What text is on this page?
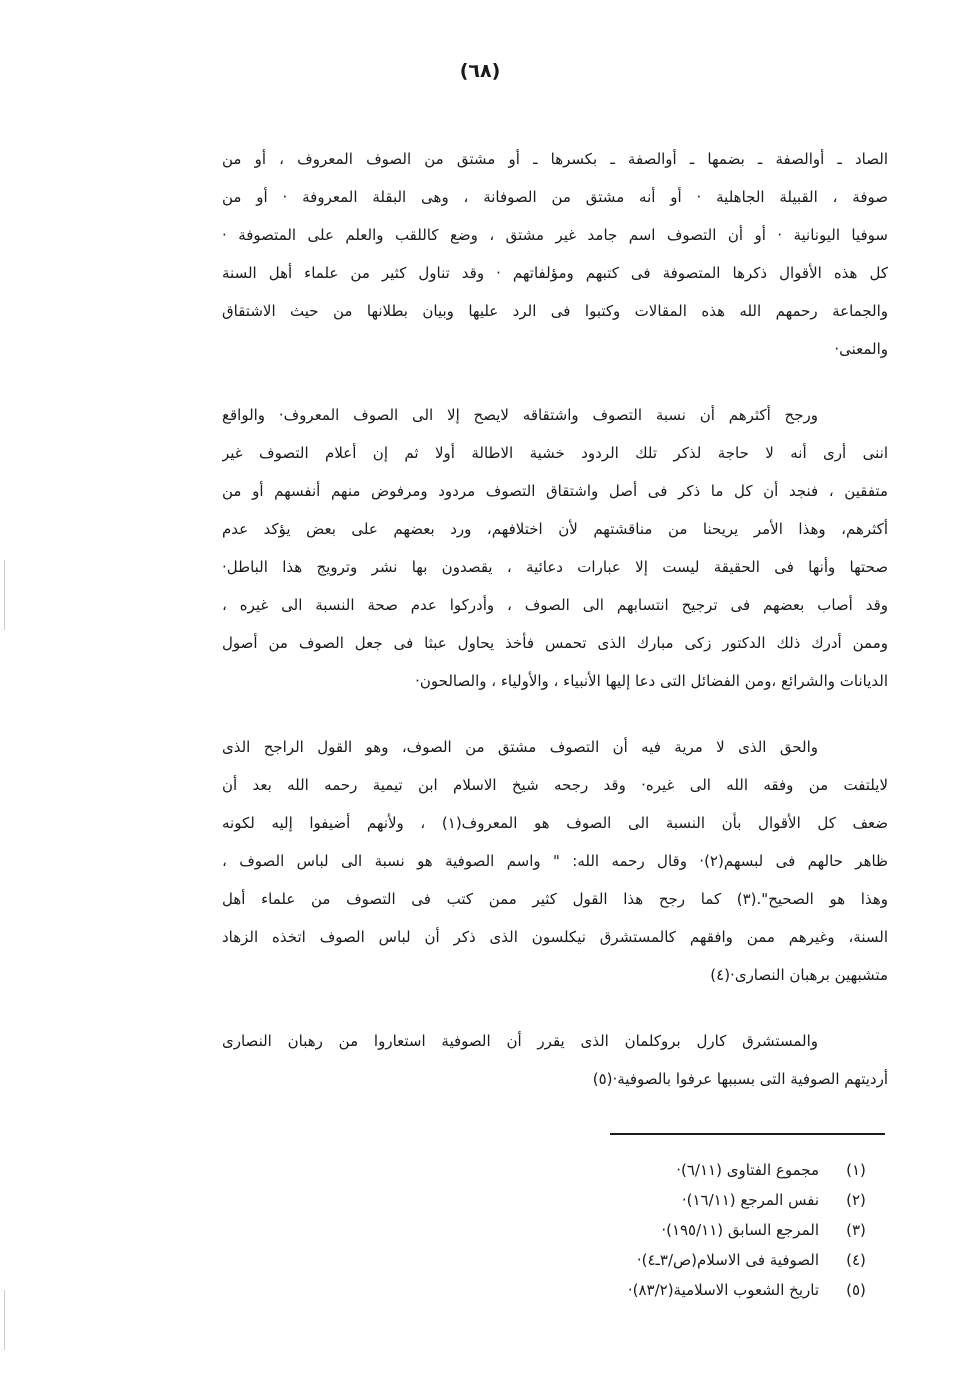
(٦٨)
الصاد ـ أوالصفة ـ بضمها ـ أوالصفة ـ بكسرها ـ أو مشتق من الصوف المعروف ، أو من
صوفة ، القبيلة الجاهلية · أو أنه مشتق من الصوفانة ، وهى البقلة المعروفة · أو من
سوفيا اليونانية · أو أن التصوف اسم جامد غير مشتق ، وضع كاللقب والعلم على المتصوفة ·
كل هذه الأقوال ذكرها المتصوفة فى كتبهم ومؤلفاتهم · وقد تناول كثير من علماء أهل السنة
والجماعة رحمهم الله هذه المقالات وكتبوا فى الرد عليها وبيان بطلانها من حيث الاشتقاق
والمعنى·
ورجح أكثرهم أن نسبة التصوف واشتقاقه لايصح إلا الى الصوف المعروف· والواقع
اننى أرى أنه لا حاجة لذكر تلك الردود خشية الاطالة أولا ثم إن أعلام التصوف غير
متفقين ، فنجد أن كل ما ذكر فى أصل واشتقاق التصوف مردود ومرفوض منهم أنفسهم أو من
أكثرهم، وهذا الأمر يريحنا من مناقشتهم لأن اختلافهم، ورد بعضهم على بعض يؤكد عدم
صحتها وأنها فى الحقيقة ليست إلا عبارات دعائية ، يقصدون بها نشر وترويج هذا الباطل·
وقد أصاب بعضهم فى ترجيح انتسابهم الى الصوف ، وأدركوا عدم صحة النسبة الى غيره ،
وممن أدرك ذلك الدكتور زكى مبارك الذى تحمس فأخذ يحاول عبثا فى جعل الصوف من أصول
الديانات والشرائع ،ومن الفضائل التى دعا إليها الأنبياء ، والأولياء ، والصالحون·
والحق الذى لا مرية فيه أن التصوف مشتق من الصوف، وهو القول الراجح الذى
لايلتفت من وفقه الله الى غيره· وقد رجحه شيخ الاسلام ابن تيمية رحمه الله بعد أن
ضعف كل الأقوال بأن النسبة الى الصوف هو المعروف(١) ، ولأنهم أضيفوا إليه لكونه
ظاهر حالهم فى لبسهم(٢)· وقال رحمه الله: " واسم الصوفية هو نسبة الى لباس الصوف ،
وهذا هو الصحيح".(٣) كما رجح هذا القول كثير ممن كتب فى التصوف من علماء أهل
السنة، وغيرهم ممن وافقهم كالمستشرق نيكلسون الذى ذكر أن لباس الصوف اتخذه الزهاد
متشبهين برهبان النصارى·(٤)
والمستشرق كارل بروكلمان الذى يقرر أن الصوفية استعاروا من رهبان النصارى
أرديتهم الصوفية التى بسببها عرفوا بالصوفية·(٥)
(١)
مجموع الفتاوى (٦/١١)·
(٢)
نفس المرجع (١٦/١١)·
(٣)
المرجع السابق (١٩٥/١١)·
(٤)
الصوفية فى الاسلام(ص/٣ـ٤)·
(٥)
تاريخ الشعوب الاسلامية(٨٣/٢)·
